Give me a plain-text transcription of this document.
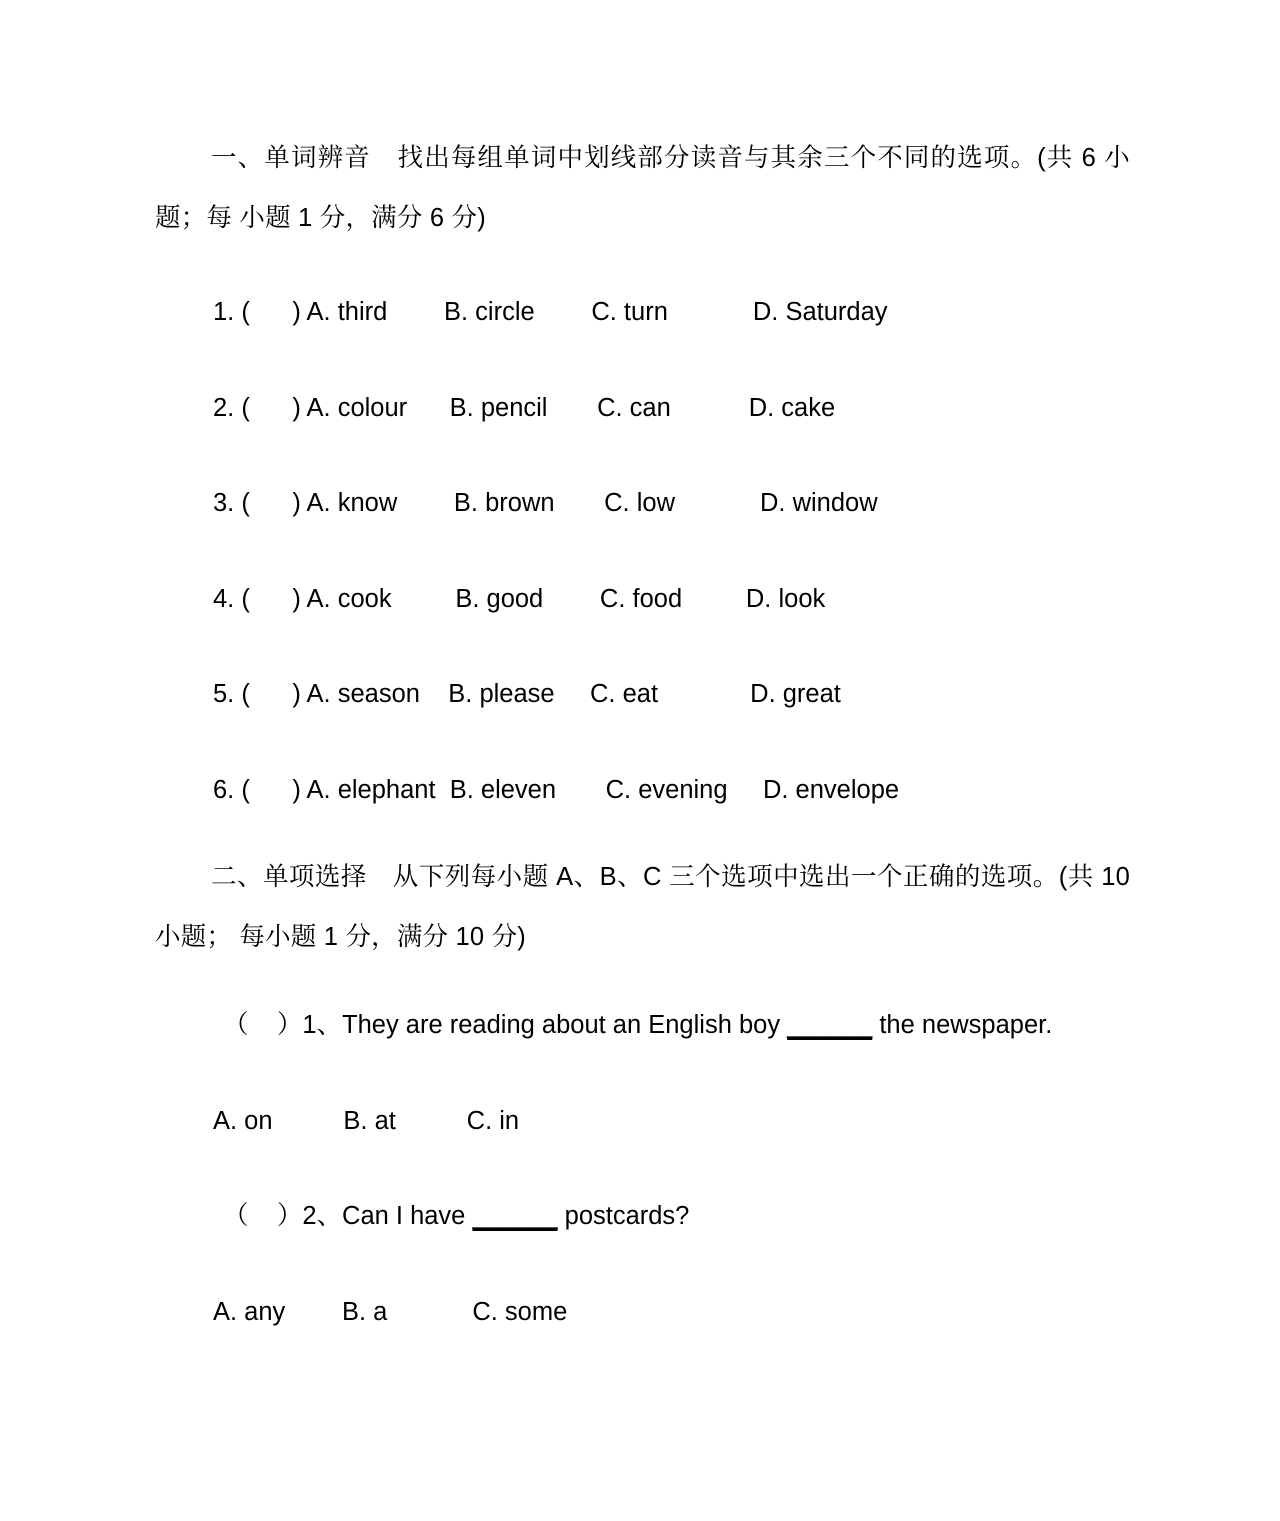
一、单词辨音　找出每组单词中划线部分读音与其余三个不同的选项。(共 6 小题；每 小题 1 分，满分 6 分)
1. ( ) A. third        B. circle        C. turn            D. Saturday
2. ( ) A. colour      B. pencil       C. can           D. cake
3. ( ) A. know        B. brown       C. low            D. window
4. ( ) A. cook         B. good        C. food         D. look
5. ( ) A. season    B. please     C. eat             D. great
6. ( ) A. elephant  B. eleven       C. evening     D. envelope
二、单项选择　从下列每小题 A、B、C 三个选项中选出一个正确的选项。(共 10 小题； 每小题 1 分，满分 10 分)
（    ）1、They are reading about an English boy ______ the newspaper.
A. on          B. at          C. in
（    ）2、Can I have ______ postcards?
A. any        B. a            C. some
